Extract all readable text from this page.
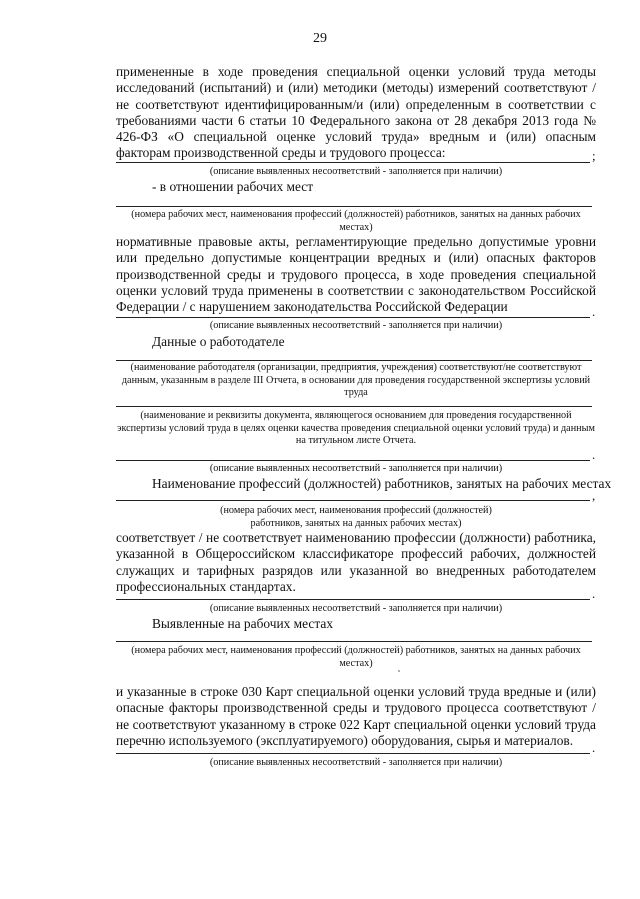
29
примененные в ходе проведения специальной оценки условий труда методы исследований (испытаний) и (или) методики (методы) измерений соответствуют / не соответствуют идентифицированным/и (или) определенным в соответствии с требованиями части 6 статьи 10 Федерального закона от 28 декабря 2013 года № 426-ФЗ «О специальной оценке условий труда» вредным и (или) опасным факторам производственной среды и трудового процесса:	;
(описание выявленных несоответствий - заполняется при наличии)
- в отношении рабочих мест
(номера рабочих мест, наименования профессий (должностей) работников, занятых на данных рабочих местах)
нормативные правовые акты, регламентирующие предельно допустимые уровни или предельно допустимые концентрации вредных и (или) опасных факторов производственной среды и трудового процесса, в ходе проведения специальной оценки условий труда применены в соответствии с законодательством Российской Федерации / с нарушением законодательства Российской Федерации	.
(описание выявленных несоответствий - заполняется при наличии)
Данные о работодателе
(наименование работодателя (организации, предприятия, учреждения) соответствуют/не соответствуют данным, указанным в разделе III Отчета, в основании для проведения государственной экспертизы условий труда
(наименование и реквизиты документа, являющегося основанием для проведения государственной экспертизы условий труда в целях оценки качества проведения специальной оценки условий труда) и данным на титульном листе Отчета.
.
(описание выявленных несоответствий - заполняется при наличии)
Наименование профессий (должностей) работников, занятых на рабочих местах
,
(номера рабочих мест, наименования профессий (должностей) работников, занятых на данных рабочих местах)
соответствует / не соответствует наименованию профессии (должности) работника, указанной в Общероссийском классификаторе профессий рабочих, должностей служащих и тарифных разрядов или указанной во внедренных работодателем профессиональных стандартах.	.
(описание выявленных несоответствий - заполняется при наличии)
Выявленные на рабочих местах
(номера рабочих мест, наименования профессий (должностей) работников, занятых на данных рабочих местах)
и указанные в строке 030 Карт специальной оценки условий труда вредные и (или) опасные факторы производственной среды и трудового процесса соответствуют / не соответствуют указанному в строке 022 Карт специальной оценки условий труда перечню используемого (эксплуатируемого) оборудования, сырья и материалов.	.
(описание выявленных несоответствий - заполняется при наличии)
